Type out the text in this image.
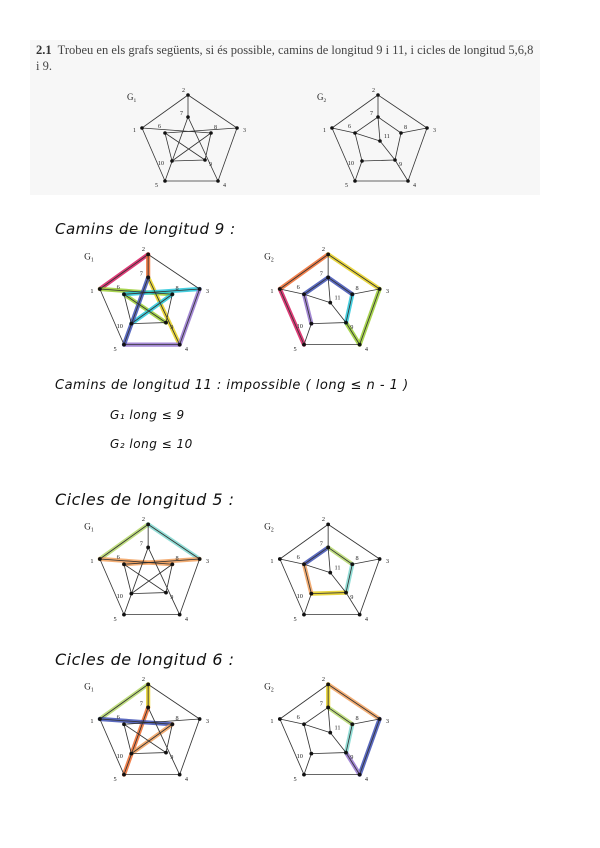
2.1 Trobeu en els grafs següents, si és possible, camins de longitud 9 i 11, i cicles de longitud 5,6,8 i 9.
1
2
3
4
5
6
7
8
9
10
$G_1$
1
2
3
4
5
6
7
8
9
10
11
$G_2$
Camins de longitud 9 :
1
2
3
4
5
6
7
8
9
10
$G_1$
1
2
3
4
5
6
7
8
9
10
11
$G_2$
Camins de longitud 11 : impossible ( long ≤ n - 1 )
G₁ long ≤ 9
G₂ long ≤ 10
Cicles de longitud 5 :
1
2
3
4
5
6
7
8
9
10
$G_1$
1
2
3
4
5
6
7
8
9
10
11
$G_2$
Cicles de longitud 6 :
1
2
3
4
5
6
7
8
9
10
$G_1$
1
2
3
4
5
6
7
8
9
10
11
$G_2$
